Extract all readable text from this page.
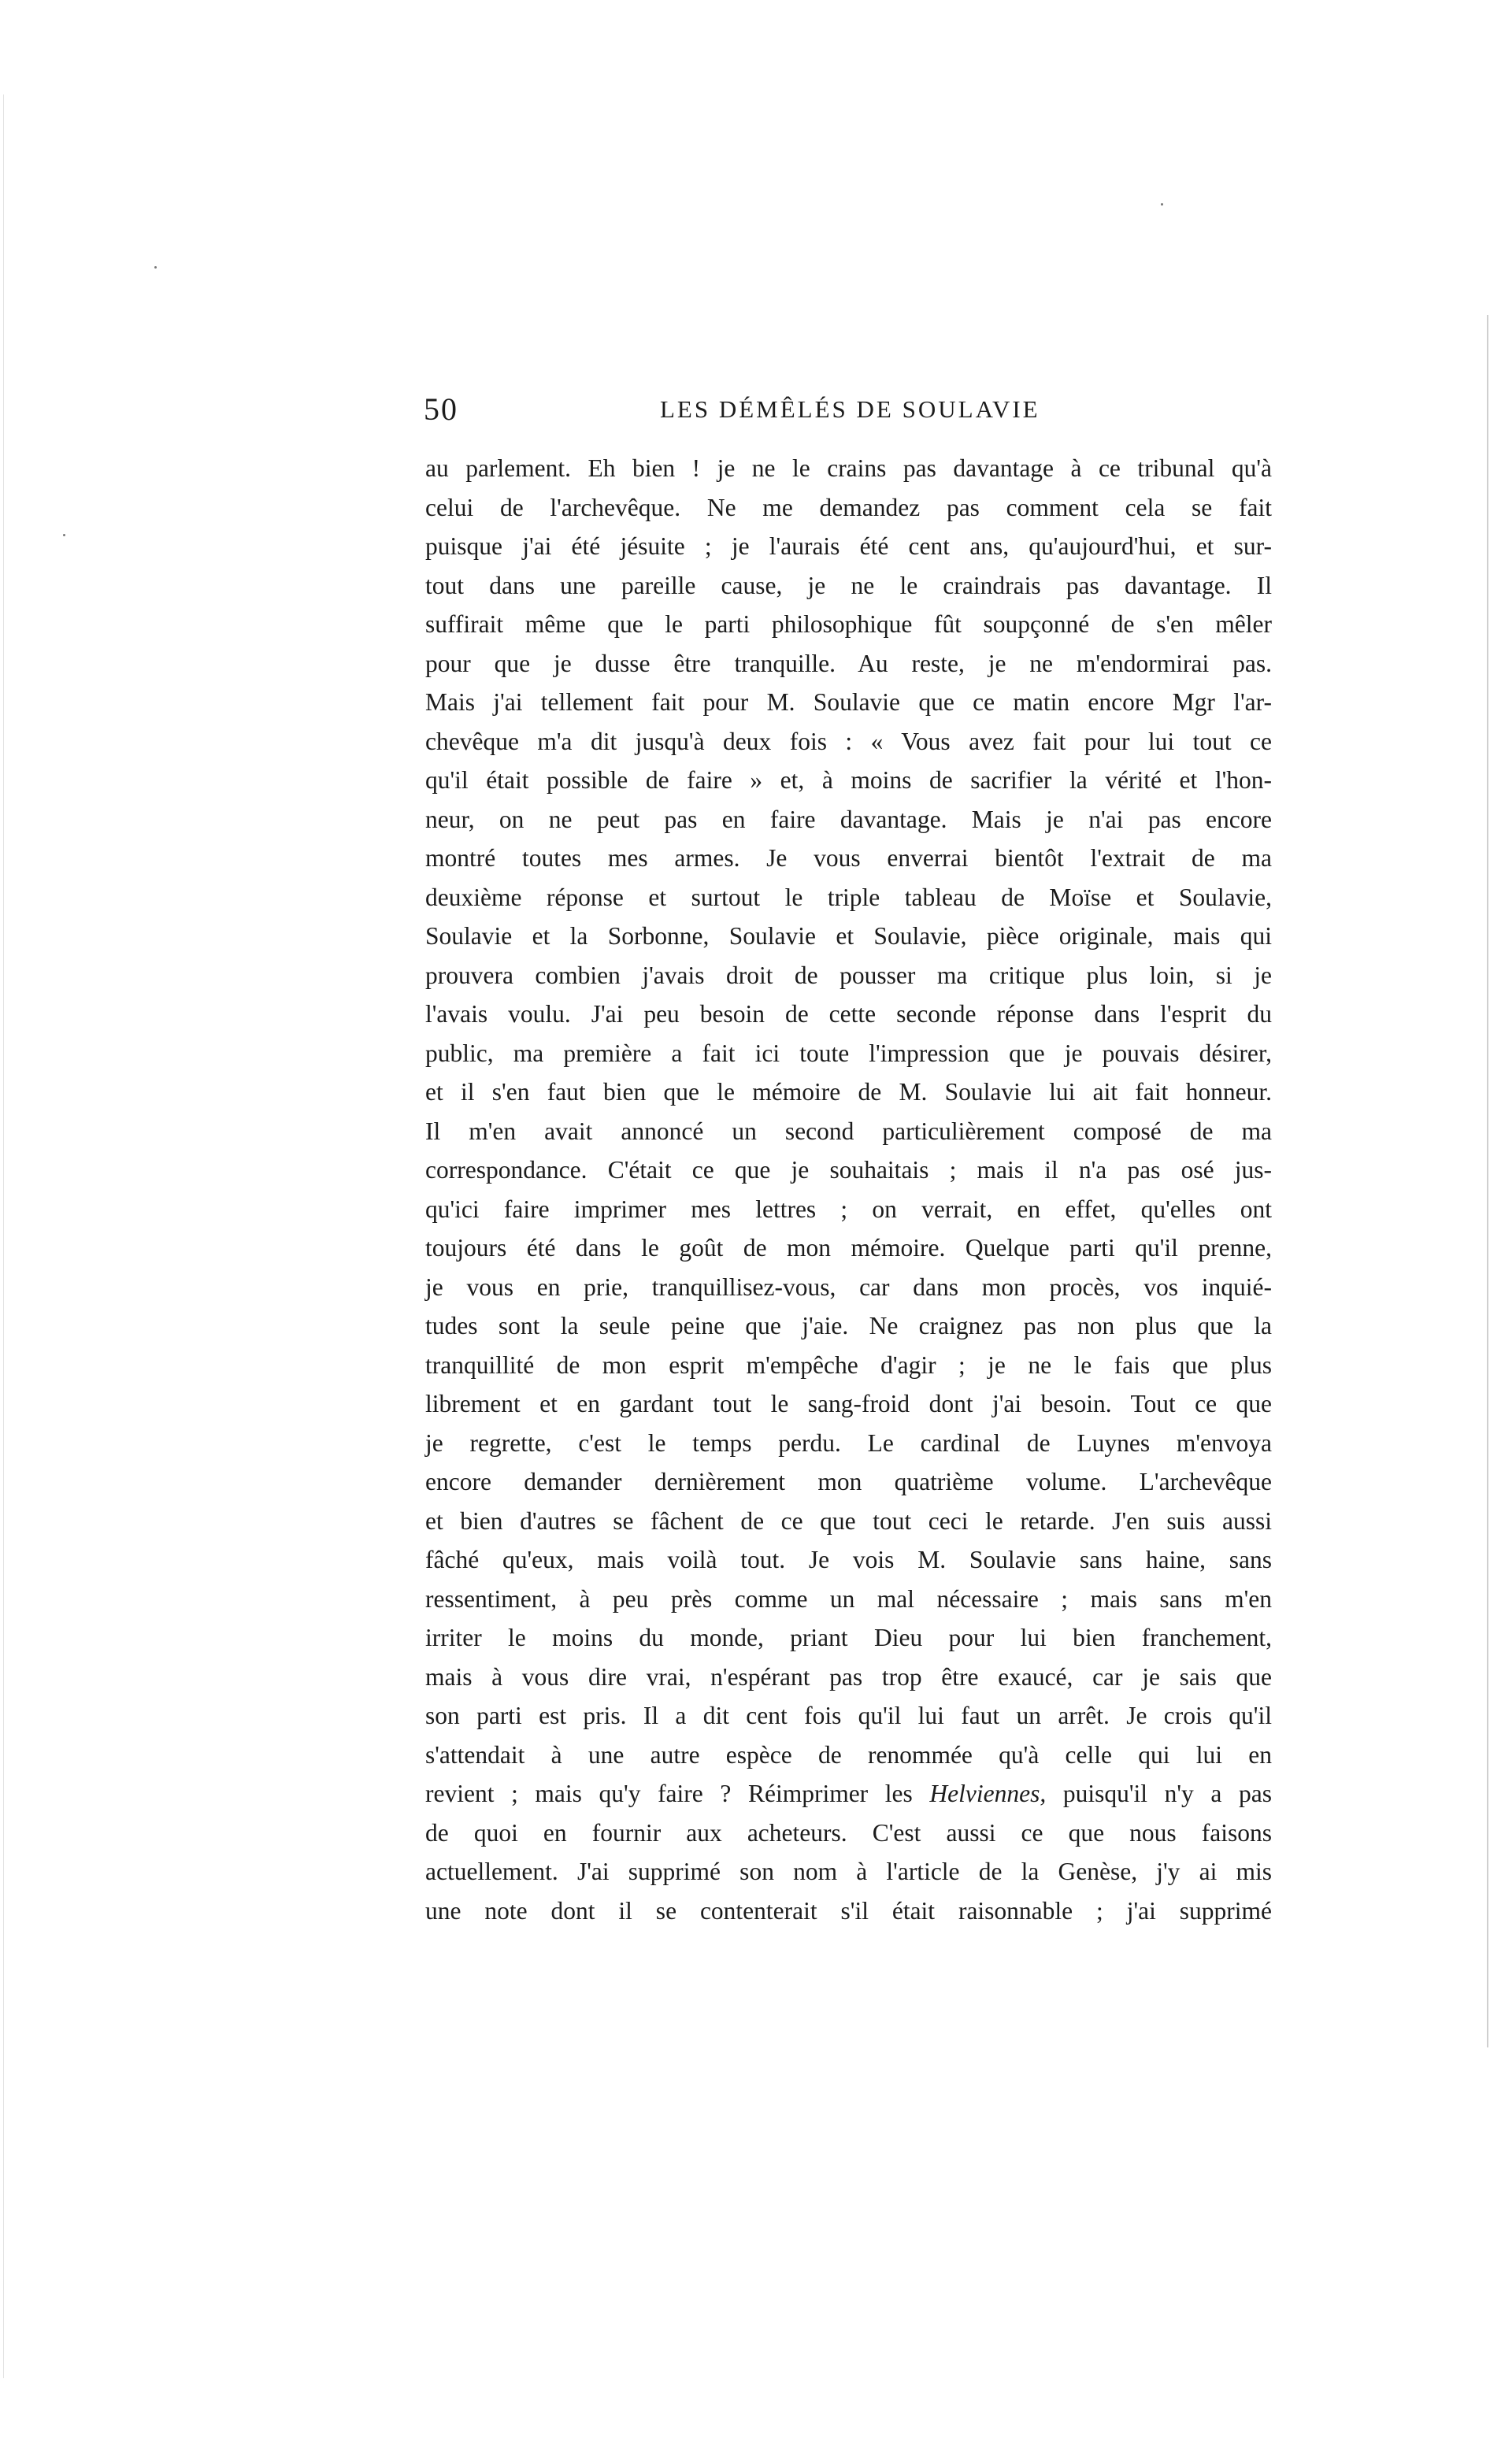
50	LES DÉMÊLÉS DE SOULAVIE
au parlement. Eh bien ! je ne le crains pas davantage à ce tribunal qu'à
celui de l'archevêque. Ne me demandez pas comment cela se fait
puisque j'ai été jésuite ; je l'aurais été cent ans, qu'aujourd'hui, et sur-
tout dans une pareille cause, je ne le craindrais pas davantage. Il
suffirait même que le parti philosophique fût soupçonné de s'en mêler
pour que je dusse être tranquille. Au reste, je ne m'endormirai pas.
Mais j'ai tellement fait pour M. Soulavie que ce matin encore Mgr l'ar-
chevêque m'a dit jusqu'à deux fois : « Vous avez fait pour lui tout ce
qu'il était possible de faire » et, à moins de sacrifier la vérité et l'hon-
neur, on ne peut pas en faire davantage. Mais je n'ai pas encore
montré toutes mes armes. Je vous enverrai bientôt l'extrait de ma
deuxième réponse et surtout le triple tableau de Moïse et Soulavie,
Soulavie et la Sorbonne, Soulavie et Soulavie, pièce originale, mais qui
prouvera combien j'avais droit de pousser ma critique plus loin, si je
l'avais voulu. J'ai peu besoin de cette seconde réponse dans l'esprit du
public, ma première a fait ici toute l'impression que je pouvais désirer,
et il s'en faut bien que le mémoire de M. Soulavie lui ait fait honneur.
Il m'en avait annoncé un second particulièrement composé de ma
correspondance. C'était ce que je souhaitais ; mais il n'a pas osé jus-
qu'ici faire imprimer mes lettres ; on verrait, en effet, qu'elles ont
toujours été dans le goût de mon mémoire. Quelque parti qu'il prenne,
je vous en prie, tranquillisez-vous, car dans mon procès, vos inquié-
tudes sont la seule peine que j'aie. Ne craignez pas non plus que la
tranquillité de mon esprit m'empêche d'agir ; je ne le fais que plus
librement et en gardant tout le sang-froid dont j'ai besoin. Tout ce que
je regrette, c'est le temps perdu. Le cardinal de Luynes m'envoya
encore demander dernièrement mon quatrième volume. L'archevêque
et bien d'autres se fâchent de ce que tout ceci le retarde. J'en suis aussi
fâché qu'eux, mais voilà tout. Je vois M. Soulavie sans haine, sans
ressentiment, à peu près comme un mal nécessaire ; mais sans m'en
irriter le moins du monde, priant Dieu pour lui bien franchement,
mais à vous dire vrai, n'espérant pas trop être exaucé, car je sais que
son parti est pris. Il a dit cent fois qu'il lui faut un arrêt. Je crois qu'il
s'attendait à une autre espèce de renommée qu'à celle qui lui en
revient ; mais qu'y faire ? Réimprimer les Helviennes, puisqu'il n'y a pas
de quoi en fournir aux acheteurs. C'est aussi ce que nous faisons
actuellement. J'ai supprimé son nom à l'article de la Genèse, j'y ai mis
une note dont il se contenterait s'il était raisonnable ; j'ai supprimé
